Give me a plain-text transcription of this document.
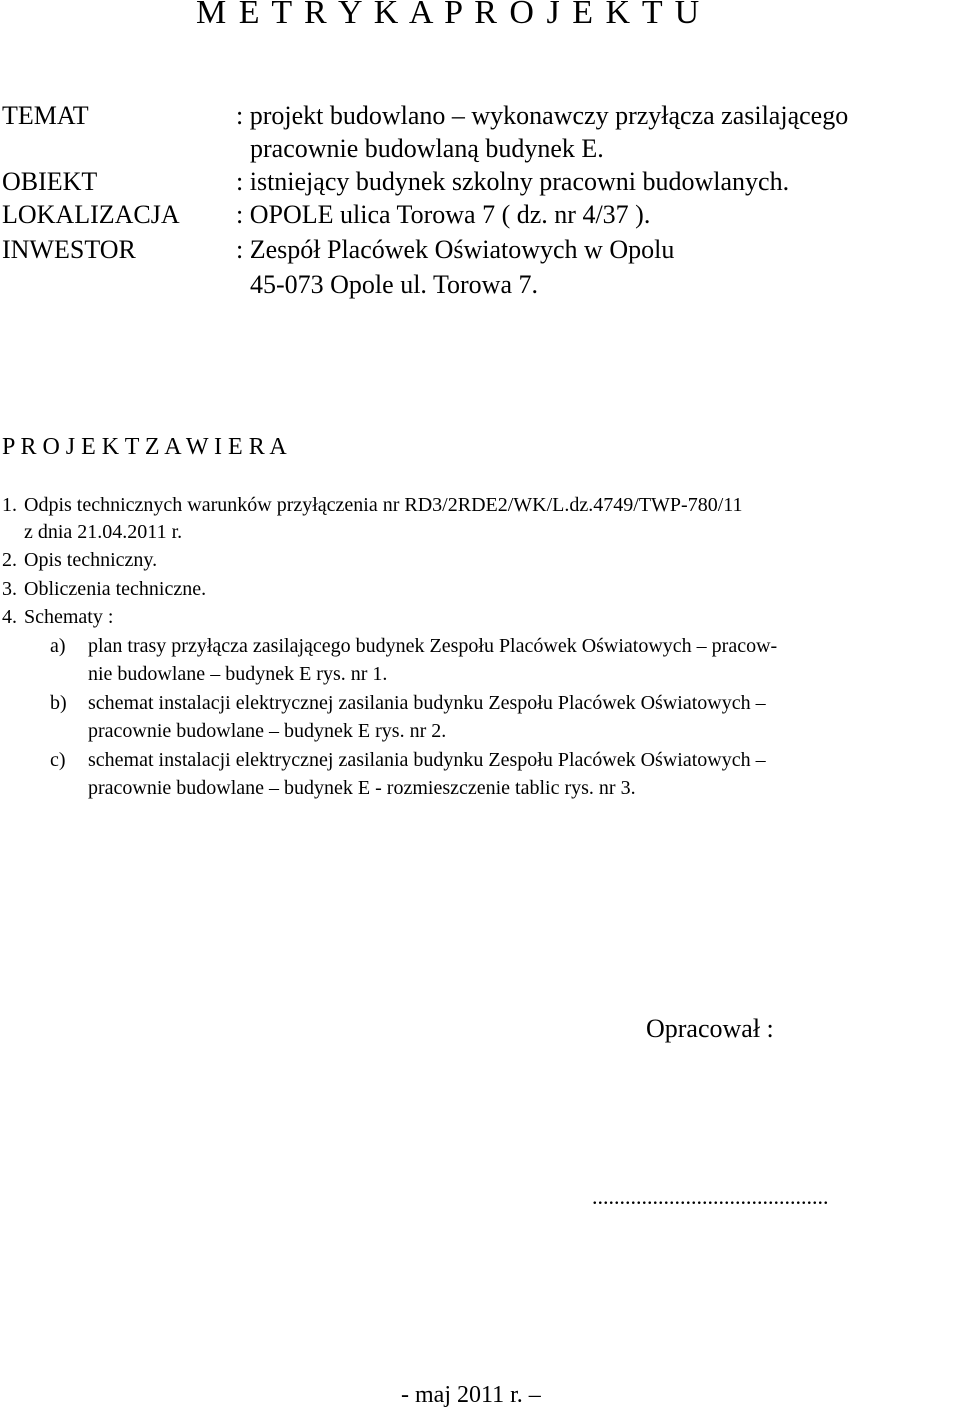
M E T R Y K A P R O J E K T U
TEMAT	: projekt budowlano – wykonawczy przyłącza zasilającego
pracownie budowlaną budynek E.
OBIEKT	: istniejący budynek szkolny pracowni budowlanych.
LOKALIZACJA : OPOLE ulica Torowa 7 ( dz. nr 4/37 ).
INWESTOR	: Zespół Placówek Oświatowych w Opolu
45-073 Opole ul. Torowa 7.
P R O J E K T Z A W I E R A
1. Odpis technicznych warunków przyłączenia nr RD3/2RDE2/WK/L.dz.4749/TWP-780/11
z dnia 21.04.2011 r.
2. Opis techniczny.
3. Obliczenia techniczne.
4. Schematy :
a) plan trasy przyłącza zasilającego budynek Zespołu Placówek Oświatowych – pracow-
nie budowlane – budynek E rys. nr 1.
b) schemat instalacji elektrycznej zasilania budynku Zespołu Placówek Oświatowych –
pracownie budowlane – budynek E rys. nr 2.
c) schemat instalacji elektrycznej zasilania budynku Zespołu Placówek Oświatowych –
pracownie budowlane – budynek E - rozmieszczenie tablic rys. nr 3.
Opracował :
...........................................
- maj 2011 r. –
